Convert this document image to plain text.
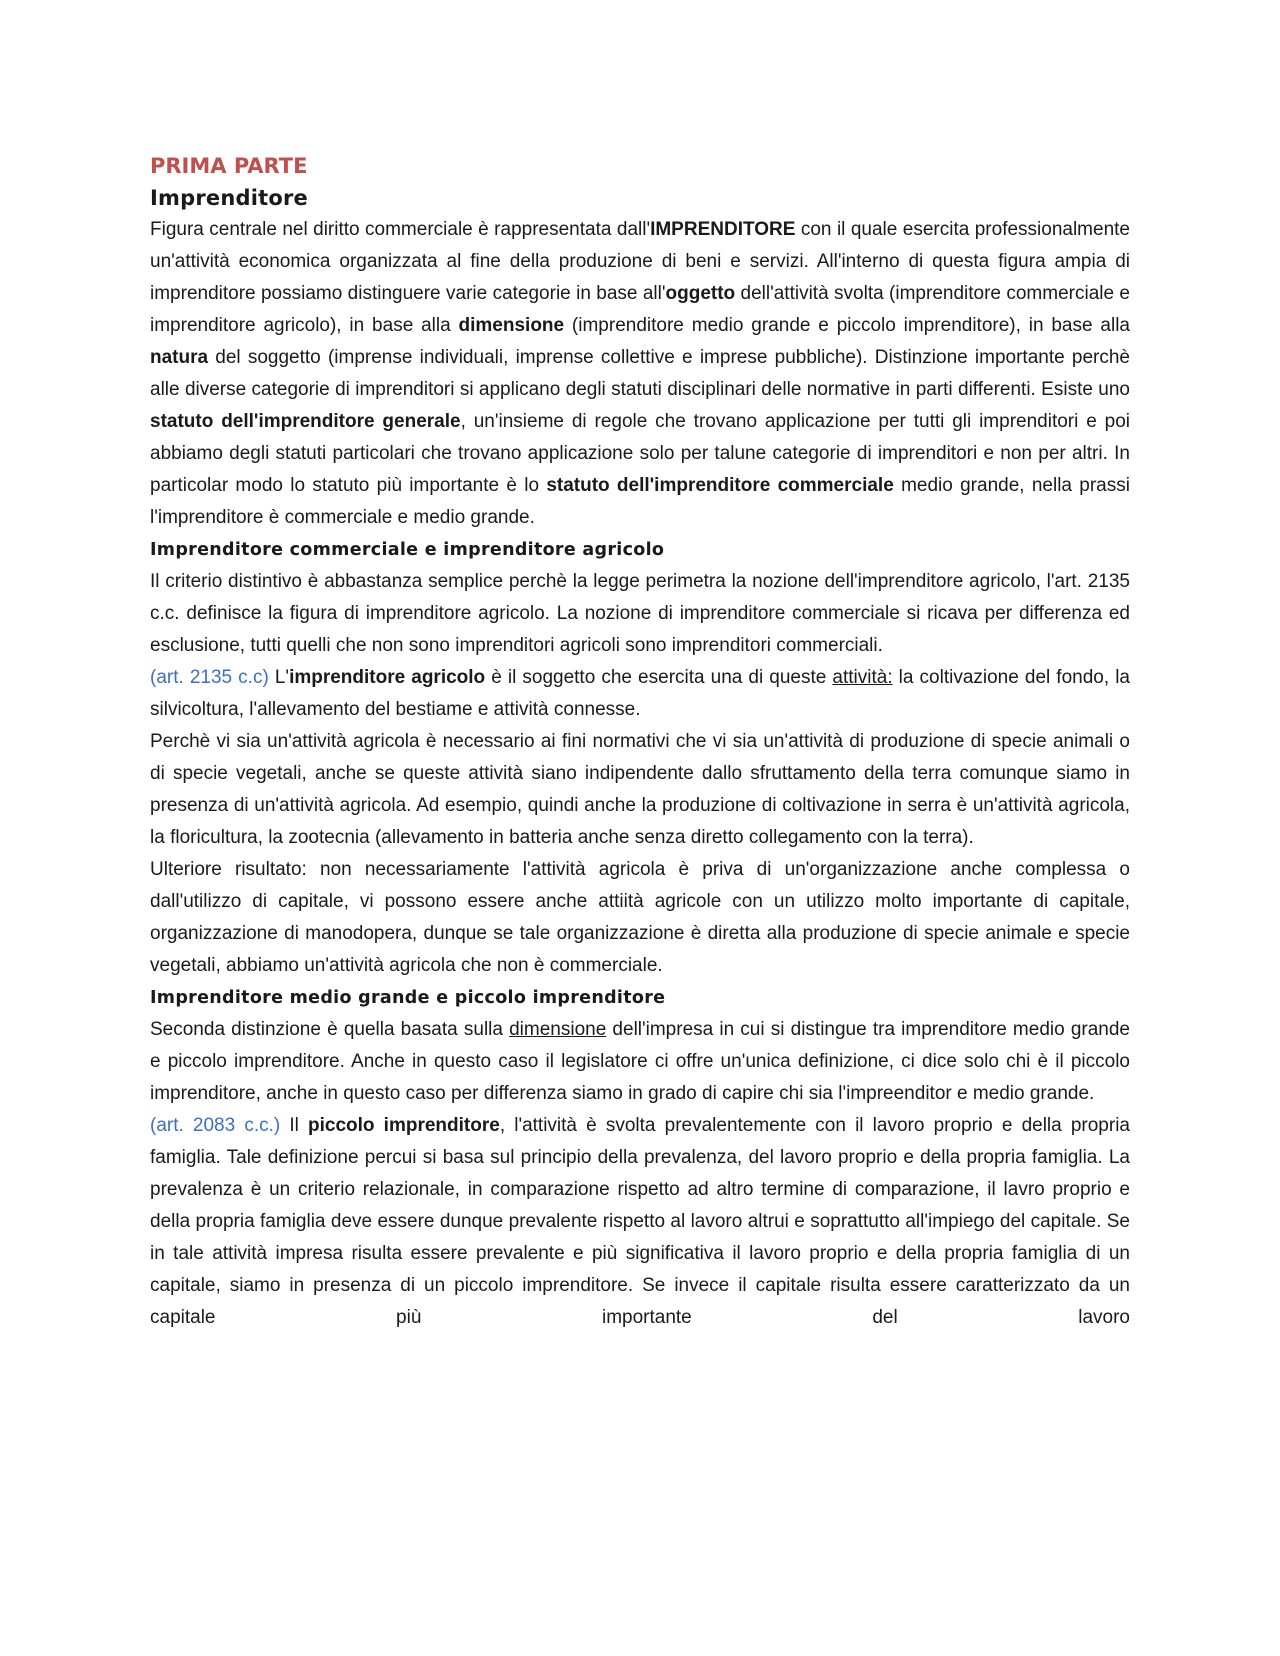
PRIMA PARTE
Imprenditore

Figura centrale nel diritto commerciale è rappresentata dall'IMPRENDITORE con il quale esercita professionalmente un'attività economica organizzata al fine della produzione di beni e servizi. All'interno di questa figura ampia di imprenditore possiamo distinguere varie categorie in base all'oggetto dell'attività svolta (imprenditore commerciale e imprenditore agricolo), in base alla dimensione (imprenditore medio grande e piccolo imprenditore), in base alla natura del soggetto (imprense individuali, imprense collettive e imprese pubbliche). Distinzione importante perchè alle diverse categorie di imprenditori si applicano degli statuti disciplinari delle normative in parti differenti. Esiste uno statuto dell'imprenditore generale, un'insieme di regole che trovano applicazione per tutti gli imprenditori e poi abbiamo degli statuti particolari che trovano applicazione solo per talune categorie di imprenditori e non per altri. In particolar modo lo statuto più importante è lo statuto dell'imprenditore commerciale medio grande, nella prassi l'imprenditore è commerciale e medio grande.

Imprenditore commerciale e imprenditore agricolo

Il criterio distintivo è abbastanza semplice perchè la legge perimetra la nozione dell'imprenditore agricolo, l'art. 2135 c.c. definisce la figura di imprenditore agricolo. La nozione di imprenditore commerciale si ricava per differenza ed esclusione, tutti quelli che non sono imprenditori agricoli sono imprenditori commerciali.

(art. 2135 c.c) L'imprenditore agricolo è il soggetto che esercita una di queste attività: la coltivazione del fondo, la silvicoltura, l'allevamento del bestiame e attività connesse.

Perchè vi sia un'attività agricola è necessario ai fini normativi che vi sia un'attività di produzione di specie animali o di specie vegetali, anche se queste attività siano indipendente dallo sfruttamento della terra comunque siamo in presenza di un'attività agricola. Ad esempio, quindi anche la produzione di coltivazione in serra è un'attività agricola, la floricultura, la zootecnia (allevamento in batteria anche senza diretto collegamento con la terra).

Ulteriore risultato: non necessariamente l'attività agricola è priva di un'organizzazione anche complessa o dall'utilizzo di capitale, vi possono essere anche attiità agricole con un utilizzo molto importante di capitale, organizzazione di manodopera, dunque se tale organizzazione è diretta alla produzione di specie animale e specie vegetali, abbiamo un'attività agricola che non è commerciale.

Imprenditore medio grande e piccolo imprenditore

Seconda distinzione è quella basata sulla dimensione dell'impresa in cui si distingue tra imprenditore medio grande e piccolo imprenditore. Anche in questo caso il legislatore ci offre un'unica definizione, ci dice solo chi è il piccolo imprenditore, anche in questo caso per differenza siamo in grado di capire chi sia l'impreenditor e medio grande.

(art. 2083 c.c.) Il piccolo imprenditore, l'attività è svolta prevalentemente con il lavoro proprio e della propria famiglia. Tale definizione percui si basa sul principio della prevalenza, del lavoro proprio e della propria famiglia. La prevalenza è un criterio relazionale, in comparazione rispetto ad altro termine di comparazione, il lavro proprio e della propria famiglia deve essere dunque prevalente rispetto al lavoro altrui e soprattutto all'impiego del capitale. Se in tale attività impresa risulta essere prevalente e più significativa il lavoro proprio e della propria famiglia di un capitale, siamo in presenza di un piccolo imprenditore. Se invece il capitale risulta essere caratterizzato da un capitale più importante del lavoro
